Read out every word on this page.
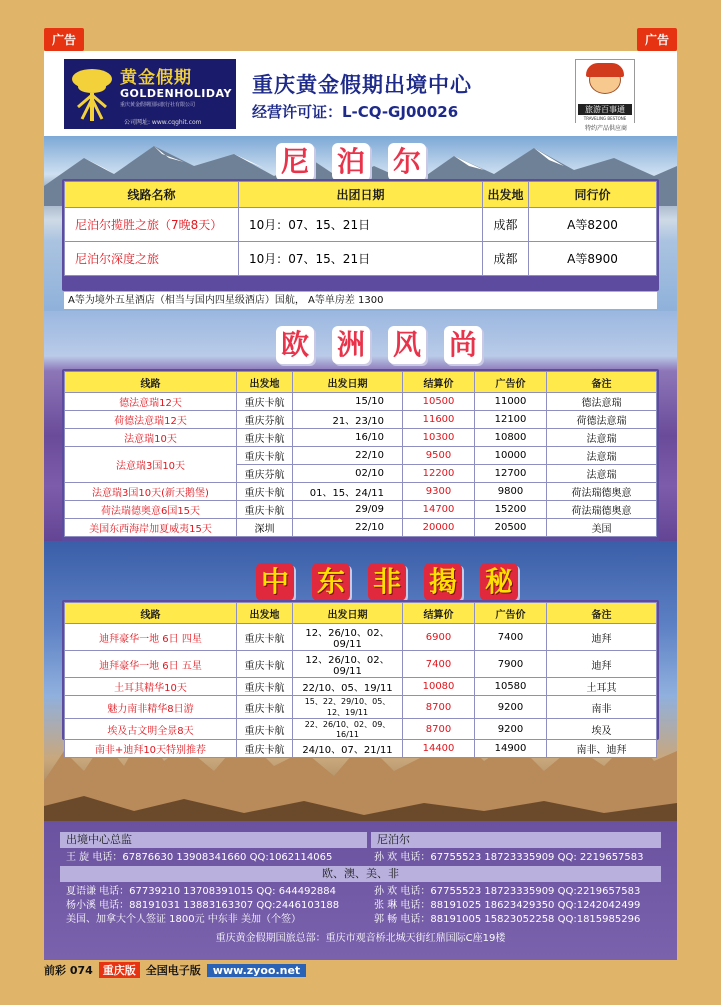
广告	广告
黄金假期
GOLDENHOLIDAY
重庆黄金假期国际旅行社有限公司
公司网址: www.cqghit.com
重庆黄金假期出境中心
经营许可证：L-CQ-GJ00026	旅游百事通
TRAVELING BESTONE
特约产品供应商
尼 泊 尔
线路名称	出团日期	出发地	同行价
尼泊尔揽胜之旅（7晚8天）	10月：07、15、21日	成都	A等8200
尼泊尔深度之旅	10月：07、15、21日	成都	A等8900
A等为境外五星酒店（相当与国内四星级酒店）国航， A等单房差 1300
欧 洲 风 尚
线路	出发地	出发日期	结算价	广告价	备注
德法意瑞12天	重庆卡航	15/10	10500	11000	德法意瑞
荷德法意瑞12天	重庆芬航	21、23/10	11600	12100	荷德法意瑞
法意瑞10天	重庆卡航	16/10	10300	10800	法意瑞
法意瑞3国10天	重庆卡航	22/10	9500	10000	法意瑞
	重庆芬航	02/10	12200	12700	法意瑞
法意瑞3国10天(新天鹅堡)	重庆卡航	01、15、24/11	9300	9800	荷法瑞德奥意
荷法瑞德奥意6国15天	重庆卡航	29/09	14700	15200	荷法瑞德奥意
美国东西海岸加夏威夷15天	深圳	22/10	20000	20500	美国
中 东 非 揭 秘
线路	出发地	出发日期	结算价	广告价	备注
迪拜豪华一地 6日 四星	重庆卡航	12、26/10、02、09/11	6900	7400	迪拜
迪拜豪华一地 6日 五星	重庆卡航	12、26/10、02、09/11	7400	7900	迪拜
土耳其精华10天	重庆卡航	22/10、05、19/11	10080	10580	土耳其
魅力南非精华8日游	重庆卡航	15、22、29/10、05、12、19/11	8700	9200	南非
埃及古文明全景8天	重庆卡航	22、26/10、02、09、16/11	8700	9200	埃及
南非+迪拜10天特别推荐	重庆卡航	24/10、07、21/11	14400	14900	南非、迪拜
出境中心总监	尼泊尔
王 旋 电话：67876630 13908341660 QQ:1062114065	孙 欢 电话：67755523 18723335909 QQ: 2219657583
欧、澳、美、非
夏语谦 电话：67739210 13708391015 QQ: 644492884
杨小溪 电话：88191031 13883163307 QQ:2446103188
美国、加拿大个人签证 1800元 中东非 美加（个签）
孙 欢 电话：67755523 18723335909 QQ:2219657583
张 琳 电话：88191025 18623429350 QQ:1242042499
郭 畅 电话：88191005 15823052258 QQ:1815985296
重庆黄金假期国旅总部：重庆市观音桥北城天街红鼎国际C座19楼
前彩 074 重庆版 全国电子版	www.zyoo.net
